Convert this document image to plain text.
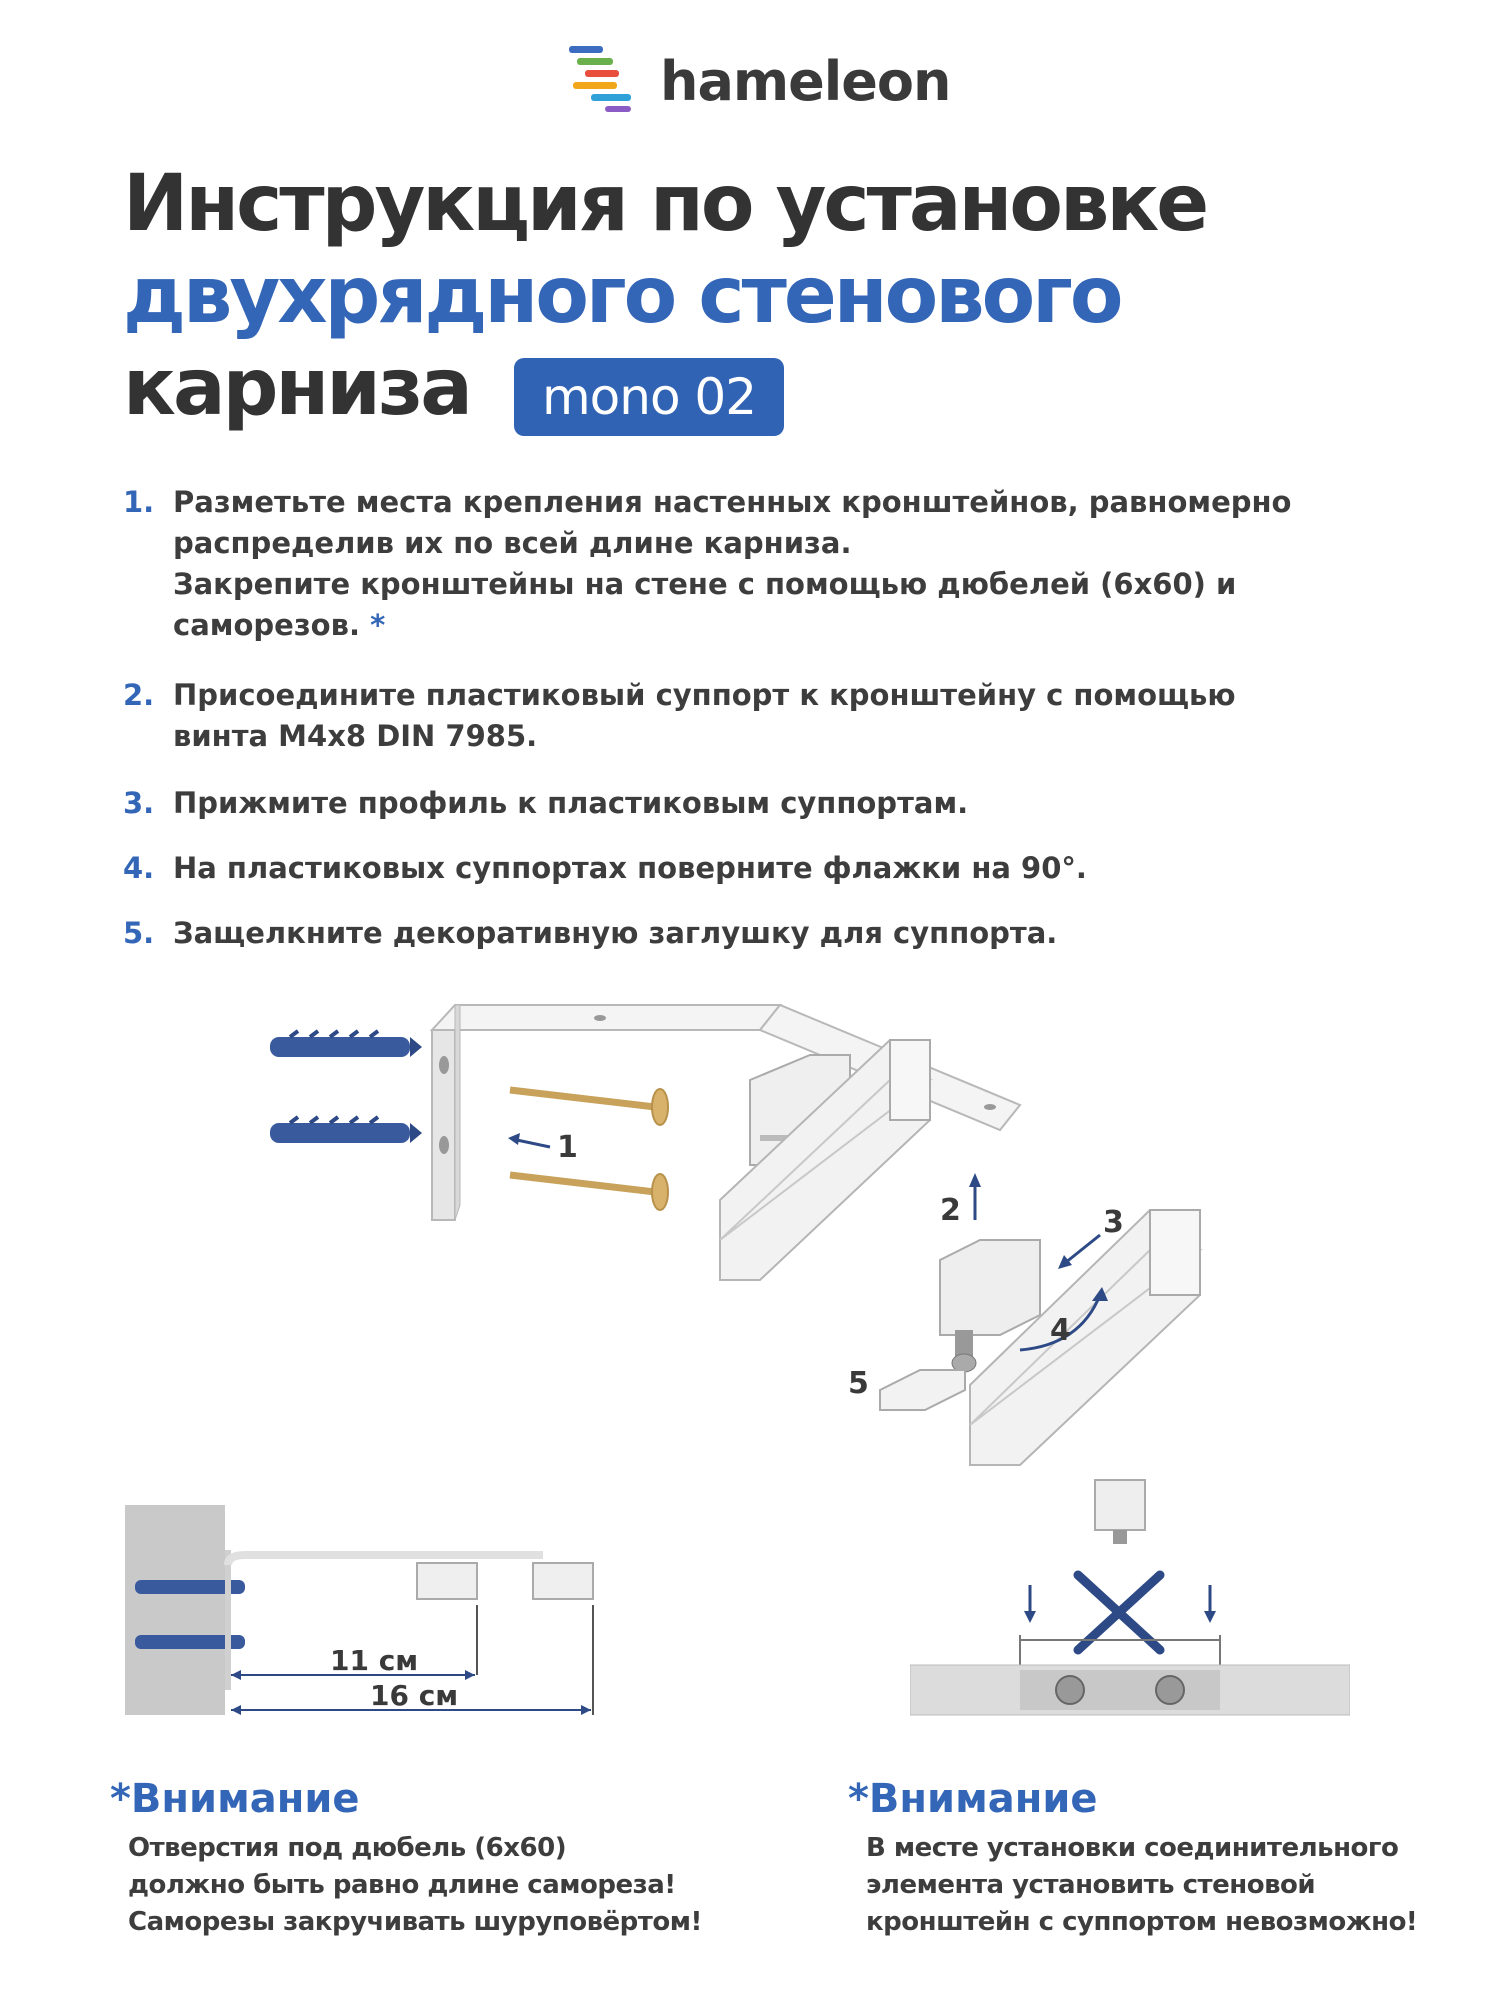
hameleon
Инструкция по установке
двухрядного стенового
карниза	mono 02
1. Разметьте места крепления настенных кронштейнов, равномерно
распределив их по всей длине карниза.
Закрепите кронштейны на стене с помощью дюбелей (6х60) и
саморезов. *
2. Присоедините пластиковый суппорт к кронштейну с помощью
винта М4х8 DIN 7985.
3. Прижмите профиль к пластиковым суппортам.
4. На пластиковых суппортах поверните флажки на 90°.
5. Защелкните декоративную заглушку для суппорта.
1
2	3
4
5
11 см
16 см
*Внимание
Отверстия под дюбель (6х60)
должно быть равно длине самореза!
Саморезы закручивать шуруповёртом!
*Внимание
В месте установки соединительного
элемента установить стеновой
кронштейн с суппортом невозможно!
